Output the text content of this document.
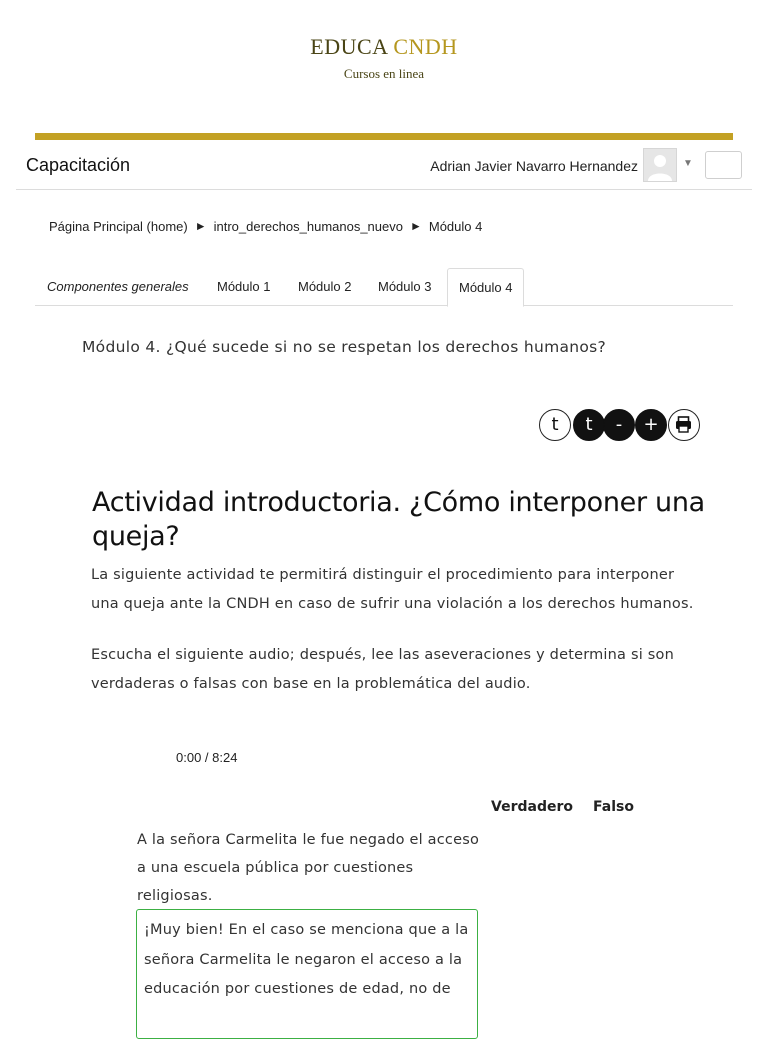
EDUCA CNDH
Cursos en linea
Capacitación	Adrian Javier Navarro Hernandez	▼
Página Principal (home) ► intro_derechos_humanos_nuevo ► Módulo 4
Componentes generales	Módulo 1	Módulo 2	Módulo 3	Módulo 4
Módulo 4. ¿Qué sucede si no se respetan los derechos humanos?
t	t	-	+
Actividad introductoria. ¿Cómo interponer una queja?
La siguiente actividad te permitirá distinguir el procedimiento para interponer una queja ante la CNDH en caso de sufrir una violación a los derechos humanos.
Escucha el siguiente audio; después, lee las aseveraciones y determina si son verdaderas o falsas con base en la problemática del audio.
0:00 / 8:24
Verdadero Falso
A la señora Carmelita le fue negado el acceso a una escuela pública por cuestiones religiosas.
¡Muy bien! En el caso se menciona que a la señora Carmelita le negaron el acceso a la educación por cuestiones de edad, no de
